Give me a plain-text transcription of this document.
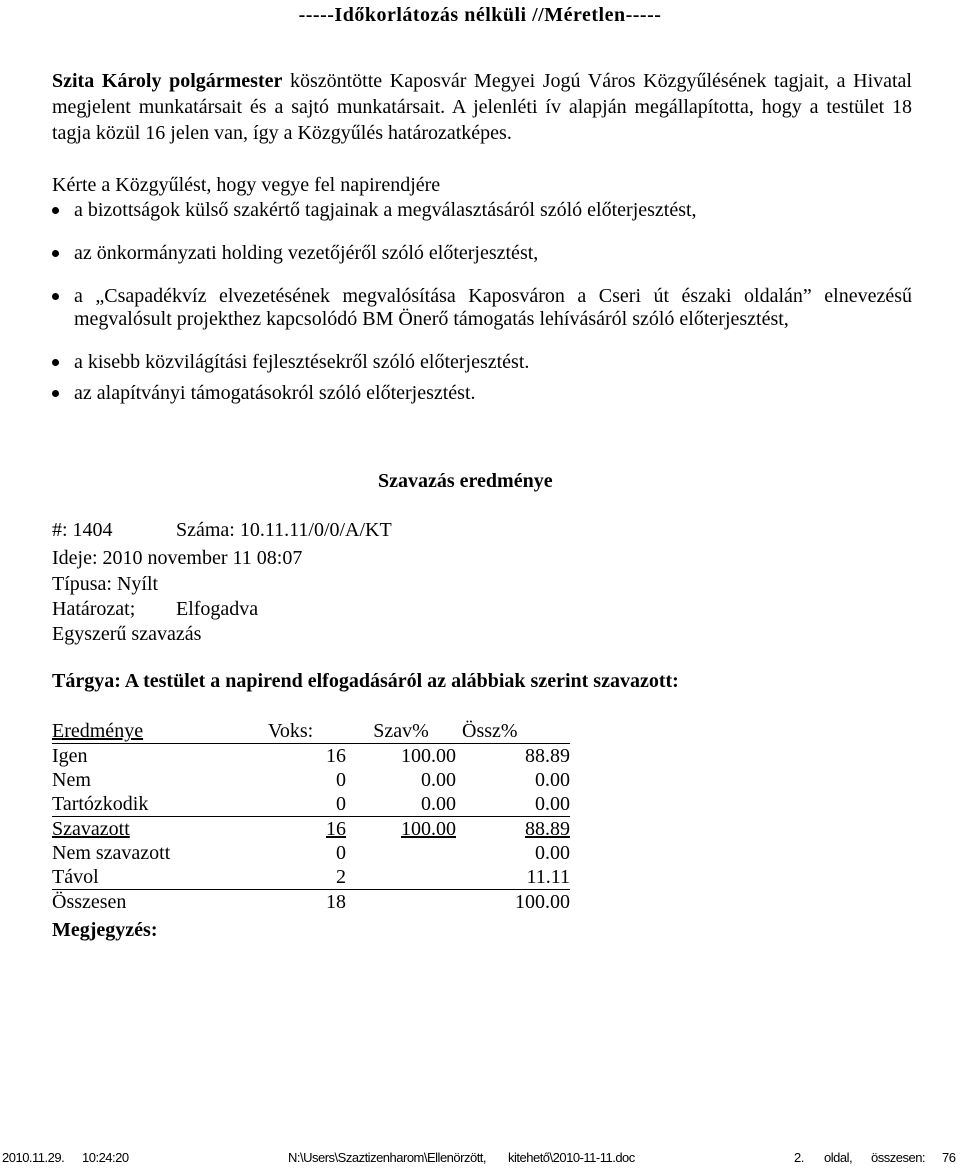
-----Időkorlátozás nélküli //Méretlen-----

Szita Károly polgármester köszöntötte Kaposvár Megyei Jogú Város Közgyűlésének tagjait, a Hivatal megjelent munkatársait és a sajtó munkatársait. A jelenléti ív alapján megállapította, hogy a testület 18 tagja közül 16 jelen van, így a Közgyűlés határozatképes.

Kérte a Közgyűlést, hogy vegye fel napirendjére

a bizottságok külső szakértő tagjainak a megválasztásáról szóló előterjesztést,
az önkormányzati holding vezetőjéről szóló előterjesztést,
a „Csapadékvíz elvezetésének megvalósítása Kaposváron a Cseri út északi oldalán” elnevezésű megvalósult projekthez kapcsolódó BM Önerő támogatás lehívásáról szóló előterjesztést,
a kisebb közvilágítási fejlesztésekről szóló előterjesztést.
az alapítványi támogatásokról szóló előterjesztést.
Szavazás eredménye
#: 1404	Száma: 10.11.11/0/0/A/KT
Ideje: 2010 november 11 08:07
Típusa: Nyílt
Határozat; Elfogadva
Egyszerű szavazás
Tárgya: A testület a napirend elfogadásáról az alábbiak szerint szavazott:
Eredménye	Voks:	Szav%	Össz%
Igen	16	100.00	88.89
Nem	0	0.00	0.00
Tartózkodik	0	0.00	0.00
Szavazott	16	100.00	88.89
Nem szavazott	0		0.00
Távol	2		11.11
Összesen	18		100.00
Megjegyzés:
2010.11.29. 10:24:20	N:\Users\Szaztizenharom\Ellenörzött, kitehető\2010-11-11.doc	2. oldal, összesen: 76
